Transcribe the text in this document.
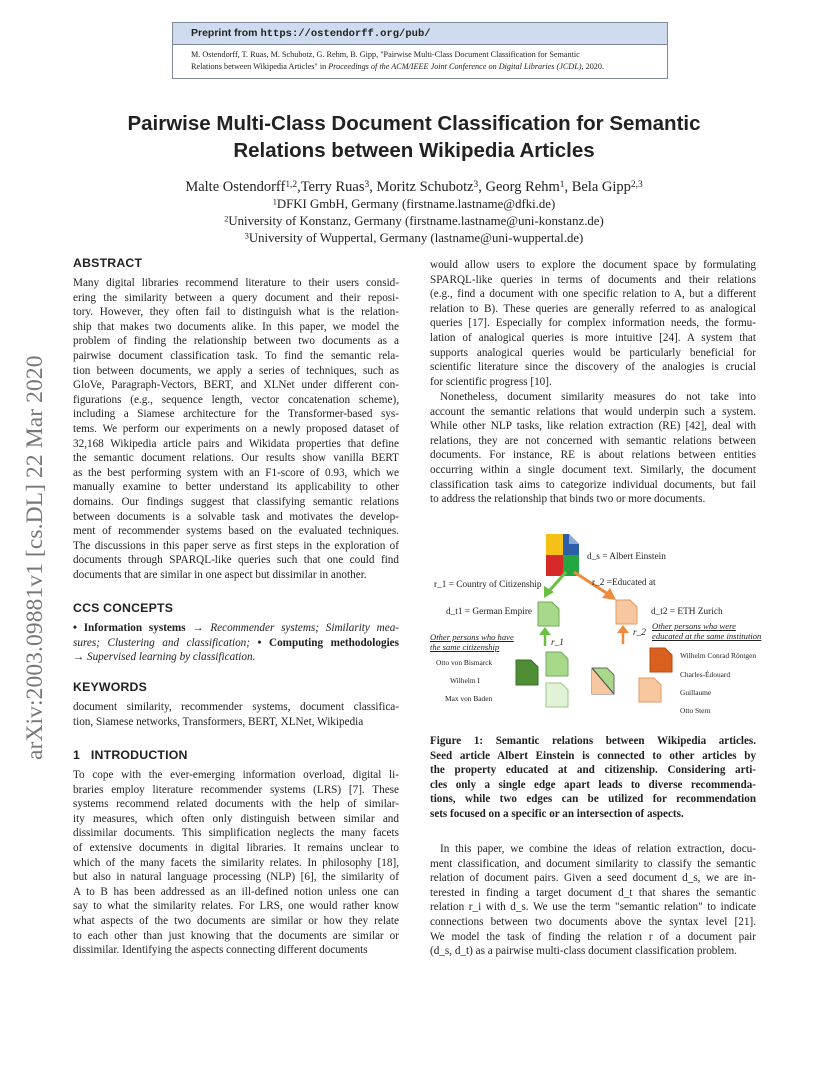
Preprint from https://ostendorff.org/pub/
M. Ostendorff, T. Ruas, M. Schubotz, G. Rehm, B. Gipp, "Pairwise Multi-Class Document Classification for Semantic
Relations between Wikipedia Articles" in Proceedings of the ACM/IEEE Joint Conference on Digital Libraries (JCDL), 2020.
arXiv:2003.09881v1 [cs.DL] 22 Mar 2020
Pairwise Multi-Class Document Classification for Semantic
Relations between Wikipedia Articles
Malte Ostendorff$^{1,2}$,Terry Ruas$^3$, Moritz Schubotz$^3$, Georg Rehm$^1$, Bela Gipp$^{2,3}$
$^1$DFKI GmbH, Germany (firstname.lastname@dfki.de)
$^2$University of Konstanz, Germany (firstname.lastname@uni-konstanz.de)
$^3$University of Wuppertal, Germany (lastname@uni-wuppertal.de)
ABSTRACT
Many digital libraries recommend literature to their users consid-
ering the similarity between a query document and their reposi-
tory. However, they often fail to distinguish what is the relation-
ship that makes two documents alike. In this paper, we model the
problem of finding the relationship between two documents as a
pairwise document classification task. To find the semantic rela-
tion between documents, we apply a series of techniques, such as
GloVe, Paragraph-Vectors, BERT, and XLNet under different con-
figurations (e.g., sequence length, vector concatenation scheme),
including a Siamese architecture for the Transformer-based sys-
tems. We perform our experiments on a newly proposed dataset of
32,168 Wikipedia article pairs and Wikidata properties that define
the semantic document relations. Our results show vanilla BERT
as the best performing system with an F1-score of 0.93, which we
manually examine to better understand its applicability to other
domains. Our findings suggest that classifying semantic relations
between documents is a solvable task and motivates the develop-
ment of recommender systems based on the evaluated techniques.
The discussions in this paper serve as first steps in the exploration of
documents through SPARQL-like queries such that one could find
documents that are similar in one aspect but dissimilar in another.
CCS CONCEPTS
• Information systems → Recommender systems; Similarity mea-
sures; Clustering and classification; • Computing methodologies
→ Supervised learning by classification.
KEYWORDS
document similarity, recommender systems, document classifica-
tion, Siamese networks, Transformers, BERT, XLNet, Wikipedia
1 INTRODUCTION
To cope with the ever-emerging information overload, digital li-
braries employ literature recommender systems (LRS) [7]. These
systems recommend related documents with the help of similar-
ity measures, which often only distinguish between similar and
dissimilar documents. This simplification neglects the many facets
of extensive documents in digital libraries. It remains unclear to
which of the many facets the similarity relates. In philosophy [18],
but also in natural language processing (NLP) [6], the similarity of
A to B has been addressed as an ill-defined notion unless one can
say to what the similarity relates. For LRS, one would rather know
what aspects of the two documents are similar or how they relate
to each other than just knowing that the documents are similar or
dissimilar. Identifying the aspects connecting different documents
would allow users to explore the document space by formulating
SPARQL-like queries in terms of documents and their relations
(e.g., find a document with one specific relation to A, but a different
relation to B). These queries are generally referred to as analogical
queries [17]. Especially for complex information needs, the formu-
lation of analogical queries is more intuitive [24]. A system that
supports analogical queries would be particularly beneficial for
scientific literature since the discovery of the analogies is crucial
for scientific progress [10].
Nonetheless, document similarity measures do not take into
account the semantic relations that would underpin such a system.
While other NLP tasks, like relation extraction (RE) [42], deal with
relations, they are not concerned with semantic relations between
documents. For instance, RE is about relations between entities
occurring within a single document text. Similarly, the document
classification task aims to categorize individual documents, but fail
to address the relationship that binds two or more documents.
d_s = Albert Einstein
r_1 = Country of Citizenship	r_2 =Educated at
d_t1 = German Empire	d_t2 = ETH Zurich
r_1
r_2
Other persons who have
the same citizenship
Other persons who were
educated at the same institution
Otto von Bismarck
Wilhelm I
Max von Baden
Wilhelm Conrad Röntgen
Charles-Édouard
Guillaume
Otto Stern
Figure 1: Semantic relations between Wikipedia articles.
Seed article Albert Einstein is connected to other articles by
the property educated at and citizenship. Considering arti-
cles only a single edge apart leads to diverse recommenda-
tions, while two edges can be utilized for recommendation
sets focused on a specific or an intersection of aspects.
In this paper, we combine the ideas of relation extraction, docu-
ment classification, and document similarity to classify the semantic
relation of document pairs. Given a seed document d_s, we are in-
terested in finding a target document d_t that shares the semantic
relation r_i with d_s. We use the term "semantic relation" to indicate
connections between two documents above the syntax level [21].
We model the task of finding the relation r of a document pair
(d_s, d_t) as a pairwise multi-class document classification problem.
